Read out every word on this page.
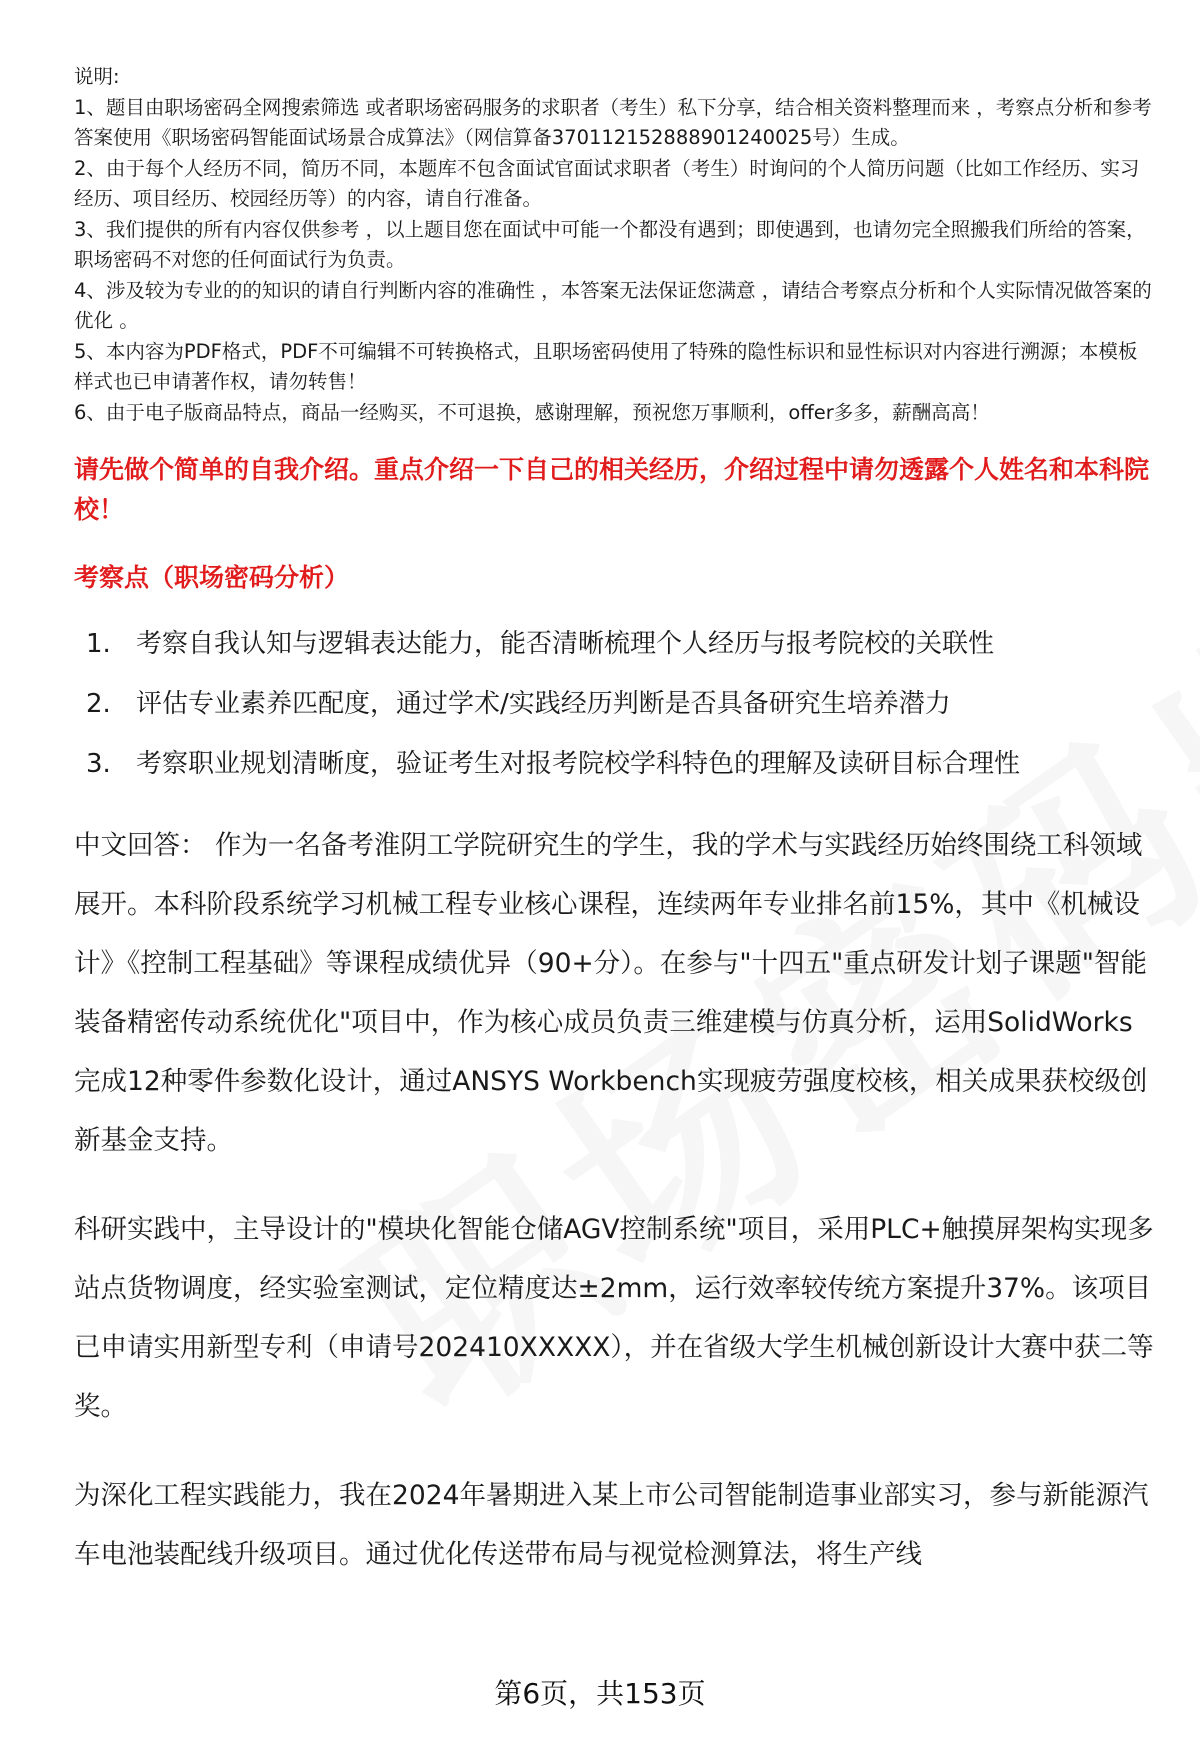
说明:

1、题目由职场密码全网搜索筛选 或者职场密码服务的求职者（考生）私下分享，结合相关资料整理而来 ，考察点分析和参考答案使用《职场密码智能面试场景合成算法》（网信算备370112152888901240025号）生成。

2、由于每个人经历不同，简历不同，本题库不包含面试官面试求职者（考生）时询问的个人简历问题（比如工作经历、实习经历、项目经历、校园经历等）的内容，请自行准备。

3、我们提供的所有内容仅供参考 ，以上题目您在面试中可能一个都没有遇到；即使遇到，也请勿完全照搬我们所给的答案，职场密码不对您的任何面试行为负责。

4、涉及较为专业的的知识的请自行判断内容的准确性 ，本答案无法保证您满意 ，请结合考察点分析和个人实际情况做答案的优化 。

5、本内容为PDF格式，PDF不可编辑不可转换格式，且职场密码使用了特殊的隐性标识和显性标识对内容进行溯源；本模板样式也已申请著作权，请勿转售！

6、由于电子版商品特点，商品一经购买，不可退换，感谢理解，预祝您万事顺利，offer多多，薪酬高高！

请先做个简单的自我介绍。重点介绍一下自己的相关经历，介绍过程中请勿透露个人姓名和本科院校！
考察点（职场密码分析）
1. 考察自我认知与逻辑表达能力，能否清晰梳理个人经历与报考院校的关联性
2. 评估专业素养匹配度，通过学术/实践经历判断是否具备研究生培养潜力
3. 考察职业规划清晰度，验证考生对报考院校学科特色的理解及读研目标合理性

中文回答： 作为一名备考淮阴工学院研究生的学生，我的学术与实践经历始终围绕工科领域展开。本科阶段系统学习机械工程专业核心课程，连续两年专业排名前15%，其中《机械设计》《控制工程基础》等课程成绩优异（90+分）。在参与"十四五"重点研发计划子课题"智能装备精密传动系统优化"项目中，作为核心成员负责三维建模与仿真分析，运用SolidWorks完成12种零件参数化设计，通过ANSYS Workbench实现疲劳强度校核，相关成果获校级创新基金支持。

科研实践中，主导设计的"模块化智能仓储AGV控制系统"项目，采用PLC+触摸屏架构实现多站点货物调度，经实验室测试，定位精度达±2mm，运行效率较传统方案提升37%。该项目已申请实用新型专利（申请号202410XXXXX），并在省级大学生机械创新设计大赛中获二等奖。

为深化工程实践能力，我在2024年暑期进入某上市公司智能制造事业部实习，参与新能源汽车电池装配线升级项目。通过优化传送带布局与视觉检测算法，将生产线

第6页，共153页
